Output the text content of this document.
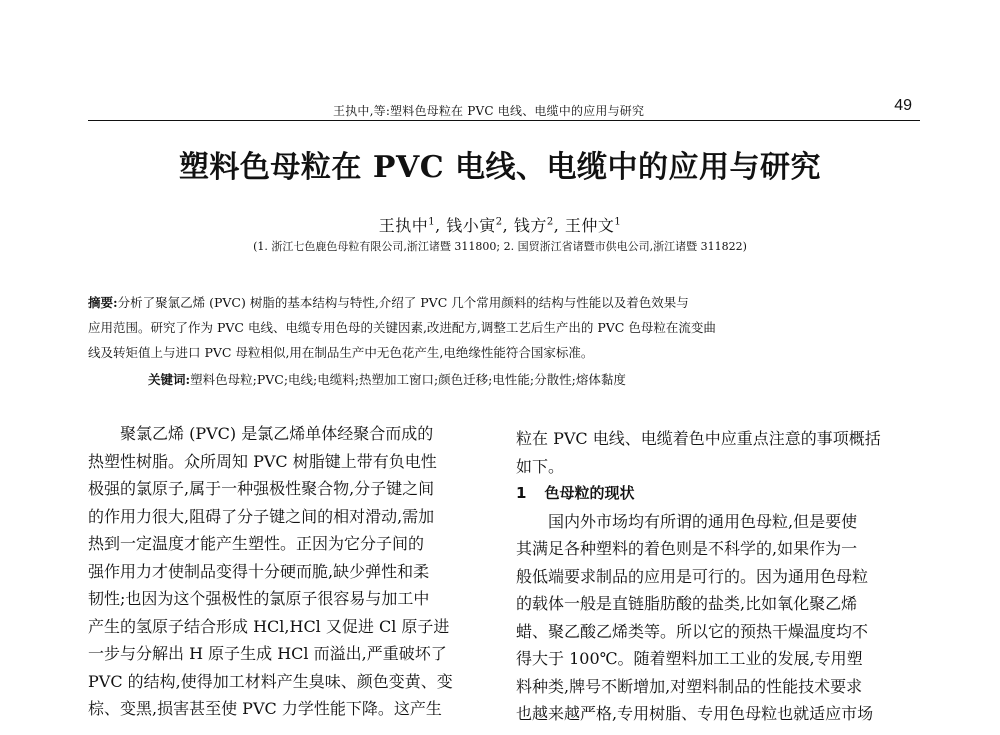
王执中,等:塑料色母粒在 PVC 电线、电缆中的应用与研究	49
塑料色母粒在 PVC 电线、电缆中的应用与研究
王执中$^1$, 钱小寅$^2$, 钱方$^2$, 王仲文$^1$
(1. 浙江七色鹿色母粒有限公司,浙江诸暨 311800; 2. 国贸浙江省诸暨市供电公司,浙江诸暨 311822)
摘要:分析了聚氯乙烯 (PVC) 树脂的基本结构与特性,介绍了 PVC 几个常用颜料的结构与性能以及着色效果与
应用范围。研究了作为 PVC 电线、电缆专用色母的关键因素,改进配方,调整工艺后生产出的 PVC 色母粒在流变曲
线及转矩值上与进口 PVC 母粒相似,用在制品生产中无色花产生,电绝缘性能符合国家标准。
关键词:塑料色母粒;PVC;电线;电缆料;热塑加工窗口;颜色迁移;电性能;分散性;熔体黏度
聚氯乙烯 (PVC) 是氯乙烯单体经聚合而成的
热塑性树脂。众所周知 PVC 树脂键上带有负电性
极强的氯原子,属于一种强极性聚合物,分子键之间
的作用力很大,阻碍了分子键之间的相对滑动,需加
热到一定温度才能产生塑性。正因为它分子间的
强作用力才使制品变得十分硬而脆,缺少弹性和柔
韧性;也因为这个强极性的氯原子很容易与加工中
产生的氢原子结合形成 HCl,HCl 又促进 Cl 原子进
一步与分解出 H 原子生成 HCl 而溢出,严重破坏了
PVC 的结构,使得加工材料产生臭味、颜色变黄、变
棕、变黑,损害甚至使 PVC 力学性能下降。这产生
粒在 PVC 电线、电缆着色中应重点注意的事项概括
如下。
1 色母粒的现状
国内外市场均有所谓的通用色母粒,但是要使
其满足各种塑料的着色则是不科学的,如果作为一
般低端要求制品的应用是可行的。因为通用色母粒
的载体一般是直链脂肪酸的盐类,比如氧化聚乙烯
蜡、聚乙酸乙烯类等。所以它的预热干燥温度均不
得大于 100℃。随着塑料加工工业的发展,专用塑
料种类,牌号不断增加,对塑料制品的性能技术要求
也越来越严格,专用树脂、专用色母粒也就适应市场
